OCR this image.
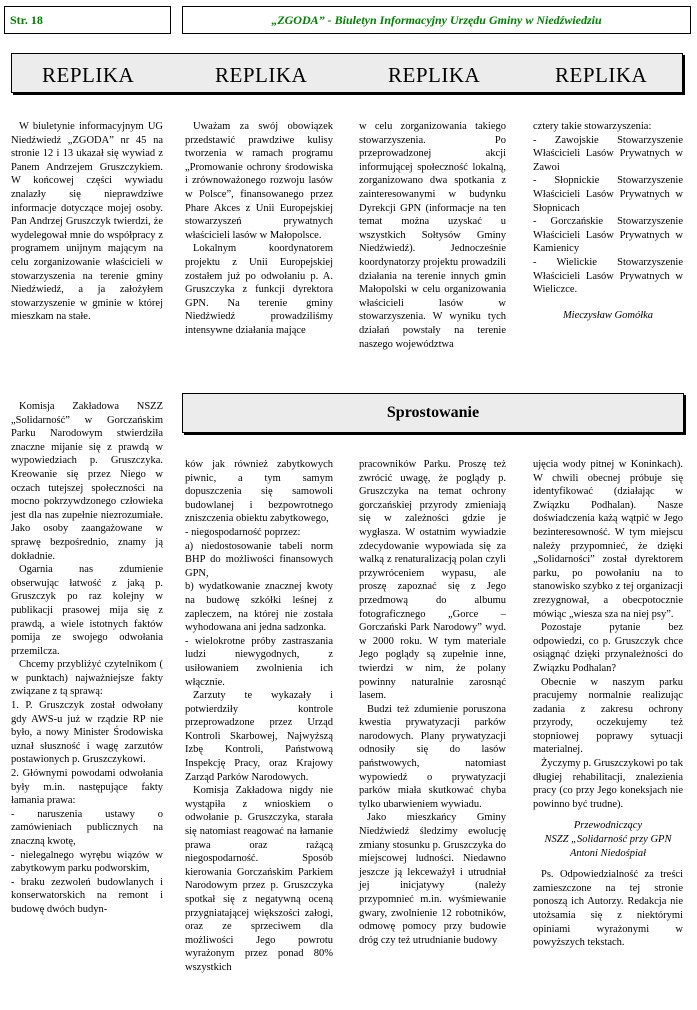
Str. 18	„ZGODA” - Biuletyn Informacyjny Urzędu Gminy w Niedźwiedziu
REPLIKA	REPLIKA	REPLIKA	REPLIKA

W biuletynie informacyjnym UG Niedźwiedź „ZGODA” nr 45 na stronie 12 i 13 ukazał się wywiad z Panem Andrzejem Gruszczykiem. W końcowej części wywiadu znalazły się nieprawdziwe informacje dotyczące mojej osoby. Pan Andrzej Gruszczyk twierdzi, że wydelegował mnie do współpracy z programem unijnym mającym na celu zorganizowanie właścicieli w stowarzyszenia na terenie gminy Niedźwiedź, a ja założyłem stowarzyszenie w gminie w której mieszkam na stałe.

Uważam za swój obowiązek przedstawić prawdziwe kulisy tworzenia w ramach programu „Promowanie ochrony środowiska i zrównoważonego rozwoju lasów w Polsce”, finansowanego przez Phare Akces z Unii Europejskiej stowarzyszeń prywatnych właścicieli lasów w Małopolsce.

Lokalnym koordynatorem projektu z Unii Europejskiej zostałem już po odwołaniu p. A. Gruszczyka z funkcji dyrektora GPN. Na terenie gminy Niedźwiedź prowadziliśmy intensywne działania mające

w celu zorganizowania takiego stowarzyszenia. Po przeprowadzonej akcji informującej społeczność lokalną, zorganizowano dwa spotkania z zainteresowanymi w budynku Dyrekcji GPN (informacje na ten temat można uzyskać u wszystkich Sołtysów Gminy Niedźwiedź). Jednocześnie koordynatorzy projektu prowadzili działania na terenie innych gmin Małopolski w celu organizowania właścicieli lasów w stowarzyszenia. W wyniku tych działań powstały na terenie naszego województwa

cztery takie stowarzyszenia:

- Zawojskie Stowarzyszenie Właścicieli Lasów Prywatnych w Zawoi

- Słopnickie Stowarzyszenie Właścicieli Lasów Prywatnych w Słopnicach

- Gorczańskie Stowarzyszenie Właścicieli Lasów Prywatnych w Kamienicy

- Wielickie Stowarzyszenie Właścicieli Lasów Prywatnych w Wieliczce.

Mieczysław Gomółka

Sprostowanie

Komisja Zakładowa NSZZ „Solidarność” w Gorczańskim Parku Narodowym stwierdziła znaczne mijanie się z prawdą w wypowiedziach p. Gruszczyka. Kreowanie się przez Niego w oczach tutejszej społeczności na mocno pokrzywdzonego człowieka jest dla nas zupełnie niezrozumiałe. Jako osoby zaangażowane w sprawę bezpośrednio, znamy ją dokładnie.

Ogarnia nas zdumienie obserwując łatwość z jaką p. Gruszczyk po raz kolejny w publikacji prasowej mija się z prawdą, a wiele istotnych faktów pomija ze swojego odwołania przemilcza.

Chcemy przybliżyć czytelnikom ( w punktach) najważniejsze fakty związane z tą sprawą:

1. P. Gruszczyk został odwołany gdy AWS-u już w rządzie RP nie było, a nowy Minister Środowiska uznał słuszność i wagę zarzutów postawionych p. Gruszczykowi.

2. Głównymi powodami odwołania były m.in. następujące fakty łamania prawa:

- naruszenia ustawy o zamówieniach publicznych na znaczną kwotę,

- nielegalnego wyrębu wiązów w zabytkowym parku podworskim,

- braku zezwoleń budowlanych i konserwatorskich na remont i budowę dwóch budyn-

ków jak również zabytkowych piwnic, a tym samym dopuszczenia się samowoli budowlanej i bezpowrotnego zniszczenia obiektu zabytkowego,

- niegospodarność poprzez:

a) niedostosowanie tabeli norm BHP do możliwości finansowych GPN,

b) wydatkowanie znacznej kwoty na budowę szkółki leśnej z zapleczem, na której nie została wyhodowana ani jedna sadzonka.

- wielokrotne próby zastraszania ludzi niewygodnych, z usiłowaniem zwolnienia ich włącznie.

Zarzuty te wykazały i potwierdziły kontrole przeprowadzone przez Urząd Kontroli Skarbowej, Najwyższą Izbę Kontroli, Państwową Inspekcję Pracy, oraz Krajowy Zarząd Parków Narodowych.

Komisja Zakładowa nigdy nie wystąpiła z wnioskiem o odwołanie p. Gruszczyka, starała się natomiast reagować na łamanie prawa oraz rażącą niegospodarność. Sposób kierowania Gorczańskim Parkiem Narodowym przez p. Gruszczyka spotkał się z negatywną oceną przygniatającej większości załogi, oraz ze sprzeciwem dla możliwości Jego powrotu wyrażonym przez ponad 80% wszystkich

pracowników Parku. Proszę też zwrócić uwagę, że poglądy p. Gruszczyka na temat ochrony gorczańskiej przyrody zmieniają się w zależności gdzie je wygłasza. W ostatnim wywiadzie zdecydowanie wypowiada się za walką z renaturalizacją polan czyli przywróceniem wypasu, ale proszę zapoznać się z Jego przedmową do albumu fotograficznego „Gorce – Gorczański Park Narodowy” wyd. w 2000 roku. W tym materiale Jego poglądy są zupełnie inne, twierdzi w nim, że polany powinny naturalnie zarosnąć lasem.

Budzi też zdumienie poruszona kwestia prywatyzacji parków narodowych. Plany prywatyzacji odnosiły się do lasów państwowych, natomiast wypowiedź o prywatyzacji parków miała skutkować chyba tylko ubarwieniem wywiadu.

Jako mieszkańcy Gminy Niedźwiedź śledzimy ewolucję zmiany stosunku p. Gruszczyka do miejscowej ludności. Niedawno jeszcze ją lekceważył i utrudniał jej inicjatywy (należy przypomnieć m.in. wyśmiewanie gwary, zwolnienie 12 robotników, odmowę pomocy przy budowie dróg czy też utrudnianie budowy

ujęcia wody pitnej w Koninkach). W chwili obecnej próbuje się identyfikować (działając w Związku Podhalan). Nasze doświadczenia każą wątpić w Jego bezinteresowność. W tym miejscu należy przypomnieć, że dzięki „Solidarności” został dyrektorem parku, po powołaniu na to stanowisko szybko z tej organizacji zrezygnował, a obecpotocznie mówiąc „wiesza sza na niej psy”.

Pozostaje pytanie bez odpowiedzi, co p. Gruszczyk chce osiągnąć dzięki przynależności do Związku Podhalan?

Obecnie w naszym parku pracujemy normalnie realizując zadania z zakresu ochrony przyrody, oczekujemy też stopniowej poprawy sytuacji materialnej.

Życzymy p. Gruszczykowi po tak długiej rehabilitacji, znalezienia pracy (co przy Jego koneksjach nie powinno być trudne).

Przewodniczący

NSZZ „Solidarność przy GPN

Antoni Niedośpiał

Ps. Odpowiedzialność za treści zamieszczone na tej stronie ponoszą ich Autorzy. Redakcja nie utożsamia się z niektórymi opiniami wyrażonymi w powyższych tekstach.
